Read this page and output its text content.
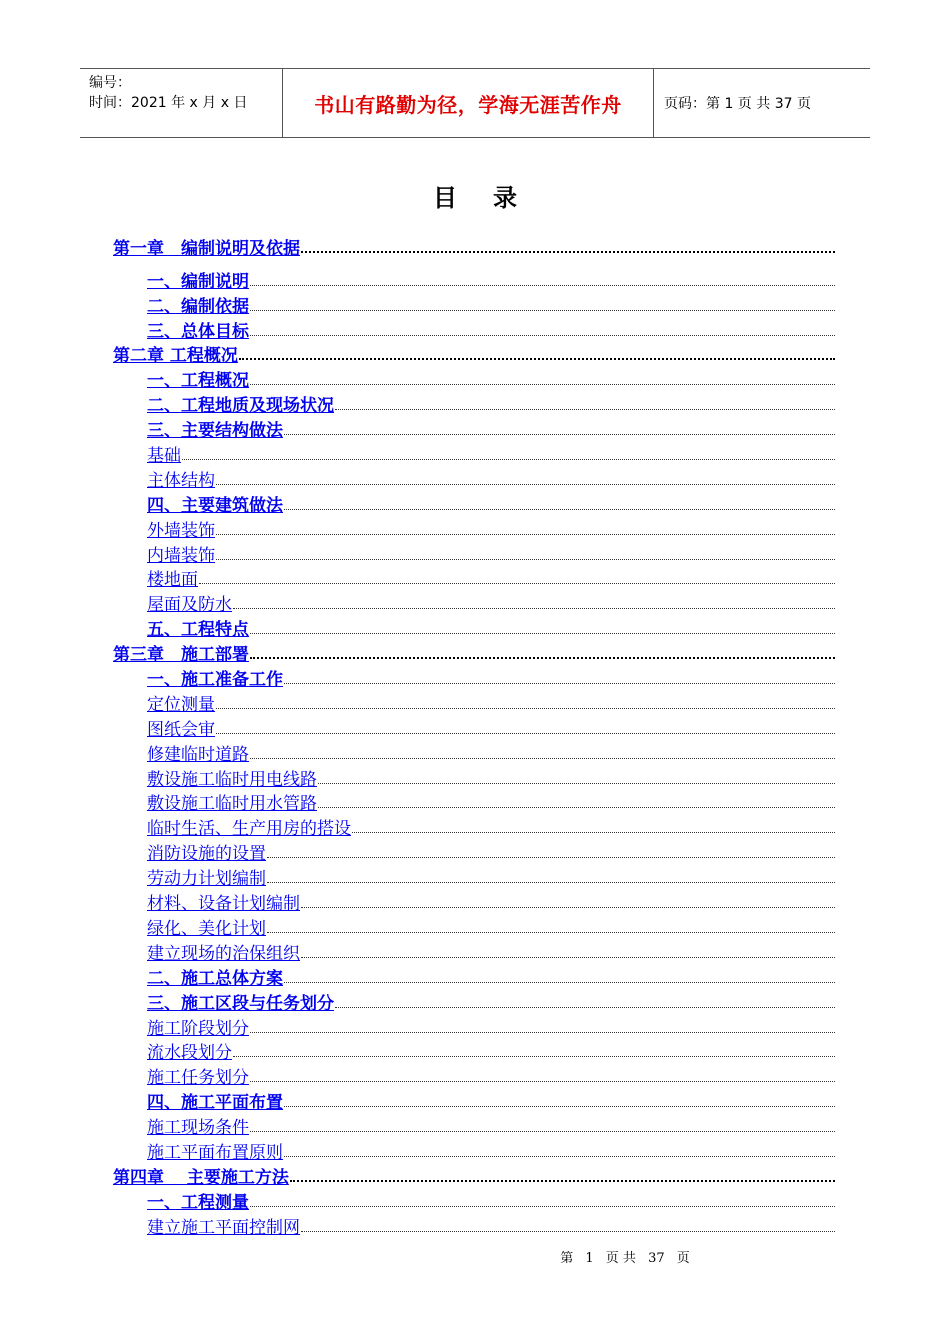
编号：
时间：2021 年 x 月 x 日	书山有路勤为径，学海无涯苦作舟	页码：第 1 页 共 37 页
目录
第一章　编制说明及依据
一、编制说明
二、编制依据
三、总体目标
第二章 工程概况
一、工程概况
二、工程地质及现场状况
三、主要结构做法
基础
主体结构
四、主要建筑做法
外墙装饰
内墙装饰
楼地面
屋面及防水
五、工程特点
第三章　施工部署
一、施工准备工作
定位测量
图纸会审
修建临时道路
敷设施工临时用电线路
敷设施工临时用水管路
临时生活、生产用房的搭设
消防设施的设置
劳动力计划编制
材料、设备计划编制
绿化、美化计划
建立现场的治保组织
二、施工总体方案
三、施工区段与任务划分
施工阶段划分
流水段划分
施工任务划分
四、施工平面布置
施工现场条件
施工平面布置原则
第四章　 主要施工方法
一、工程测量
建立施工平面控制网
第 1 页 共 37 页
